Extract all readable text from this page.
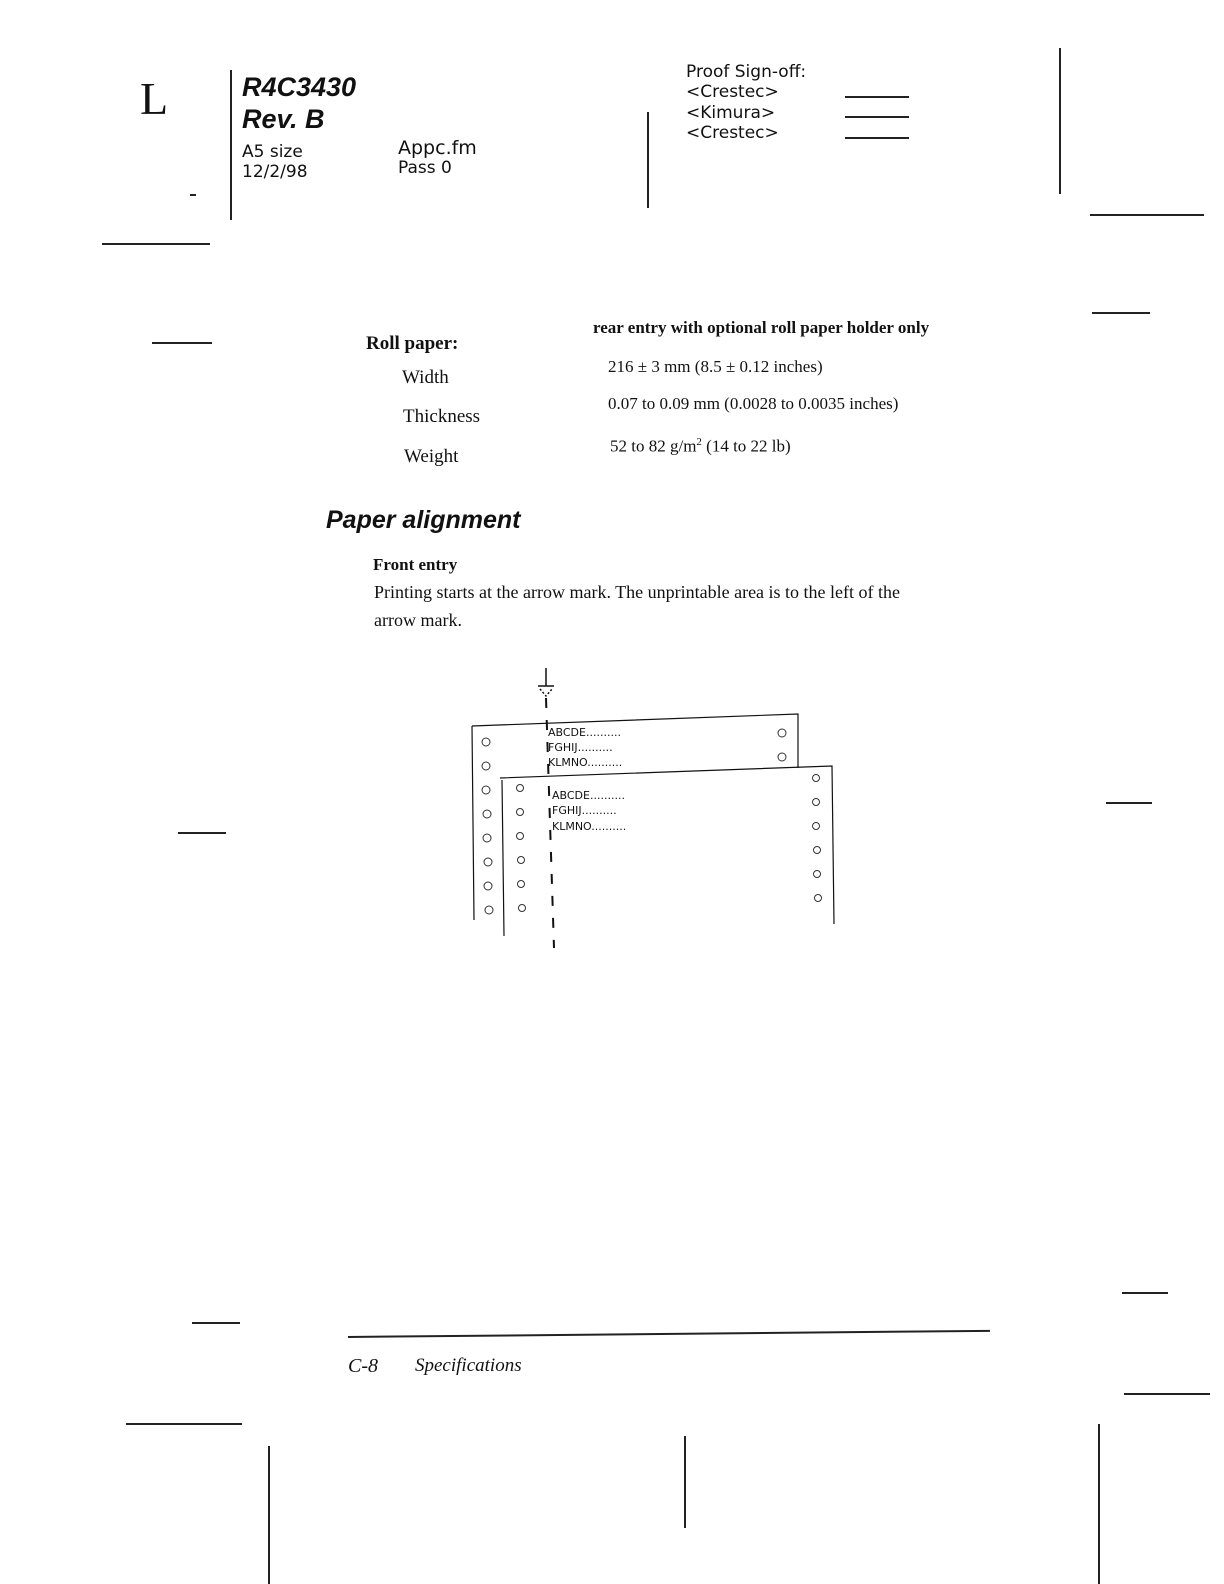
L	R4C3430
Rev. B
A5 size
12/2/98
Appc.fm
Pass 0
Proof Sign-off:
<Crestec>
<Kimura>
<Crestec>
Roll paper:
rear entry with optional roll paper holder only
Width
216 ± 3 mm (8.5 ± 0.12 inches)
Thickness
0.07 to 0.09 mm (0.0028 to 0.0035 inches)
Weight	52 to 82 $g/m^2$ (14 to 22 lb)
Paper alignment
Front entry
Printing starts at the arrow mark. The unprintable area is to the left of the
arrow mark.
ABCDE..........
FGHIJ..........
KLMNO..........
ABCDE..........
FGHIJ..........
KLMNO..........
C-8 Specifications
